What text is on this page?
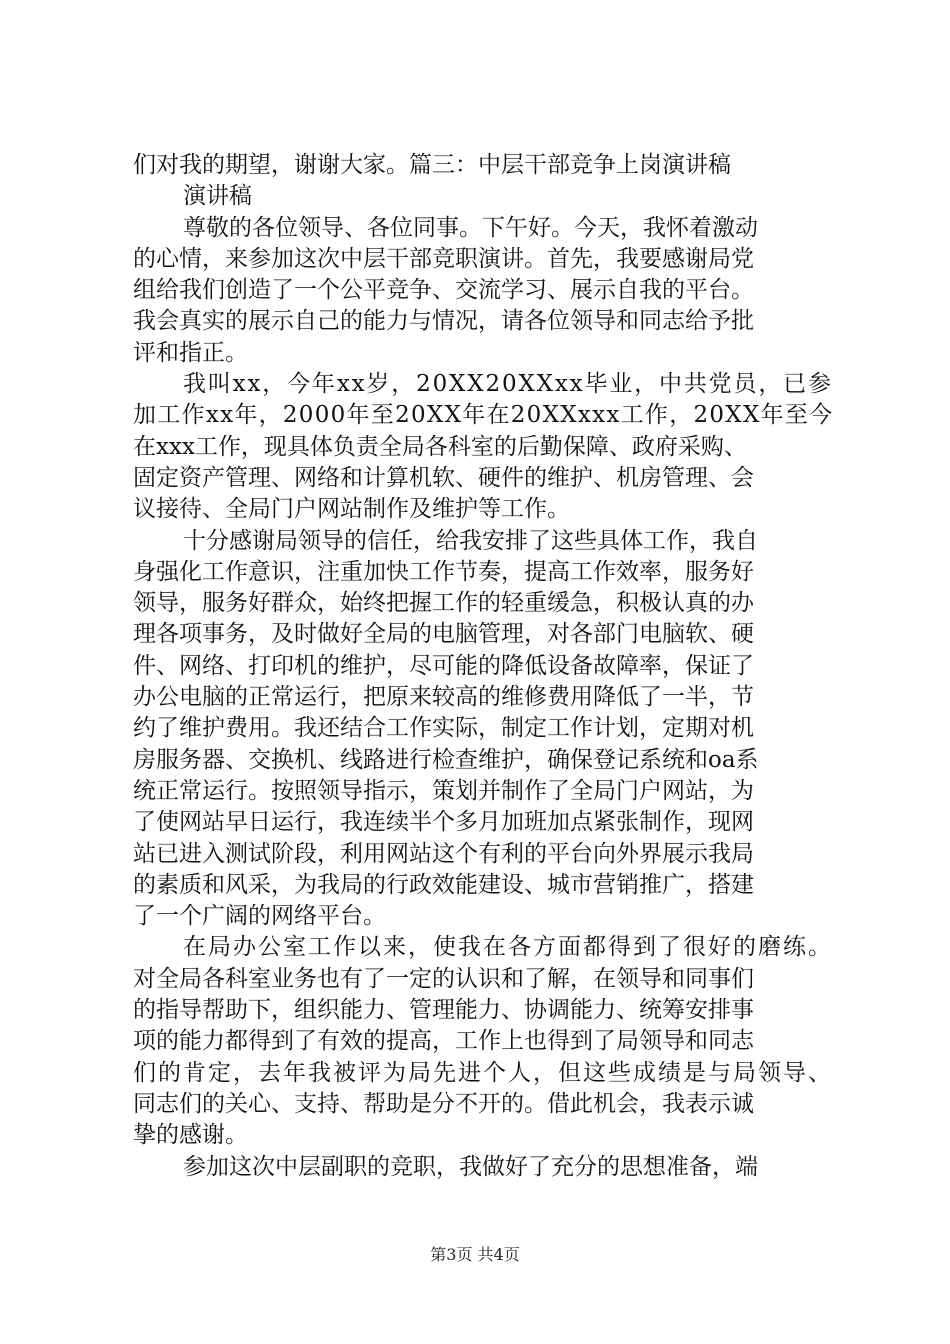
们对我的期望，谢谢大家。篇三：中层干部竞争上岗演讲稿
演讲稿
尊敬的各位领导、各位同事。下午好。今天，我怀着激动
的心情，来参加这次中层干部竞职演讲。首先，我要感谢局党
组给我们创造了一个公平竞争、交流学习、展示自我的平台。
我会真实的展示自己的能力与情况，请各位领导和同志给予批
评和指正。
我叫xx，今年xx岁，20XX20XXxx毕业，中共党员，已参
加工作xx年，2000年至20XX年在20XXxxx工作，20XX年至今
在xxx工作，现具体负责全局各科室的后勤保障、政府采购、
固定资产管理、网络和计算机软、硬件的维护、机房管理、会
议接待、全局门户网站制作及维护等工作。
十分感谢局领导的信任，给我安排了这些具体工作，我自
身强化工作意识，注重加快工作节奏，提高工作效率，服务好
领导，服务好群众，始终把握工作的轻重缓急，积极认真的办
理各项事务，及时做好全局的电脑管理，对各部门电脑软、硬
件、网络、打印机的维护，尽可能的降低设备故障率，保证了
办公电脑的正常运行，把原来较高的维修费用降低了一半，节
约了维护费用。我还结合工作实际，制定工作计划，定期对机
房服务器、交换机、线路进行检查维护，确保登记系统和oa系
统正常运行。按照领导指示，策划并制作了全局门户网站，为
了使网站早日运行，我连续半个多月加班加点紧张制作，现网
站已进入测试阶段，利用网站这个有利的平台向外界展示我局
的素质和风采，为我局的行政效能建设、城市营销推广，搭建
了一个广阔的网络平台。
在局办公室工作以来，使我在各方面都得到了很好的磨练。
对全局各科室业务也有了一定的认识和了解，在领导和同事们
的指导帮助下，组织能力、管理能力、协调能力、统筹安排事
项的能力都得到了有效的提高，工作上也得到了局领导和同志
们的肯定，去年我被评为局先进个人，但这些成绩是与局领导、
同志们的关心、支持、帮助是分不开的。借此机会，我表示诚
挚的感谢。
参加这次中层副职的竞职，我做好了充分的思想准备，端
第3页 共4页
